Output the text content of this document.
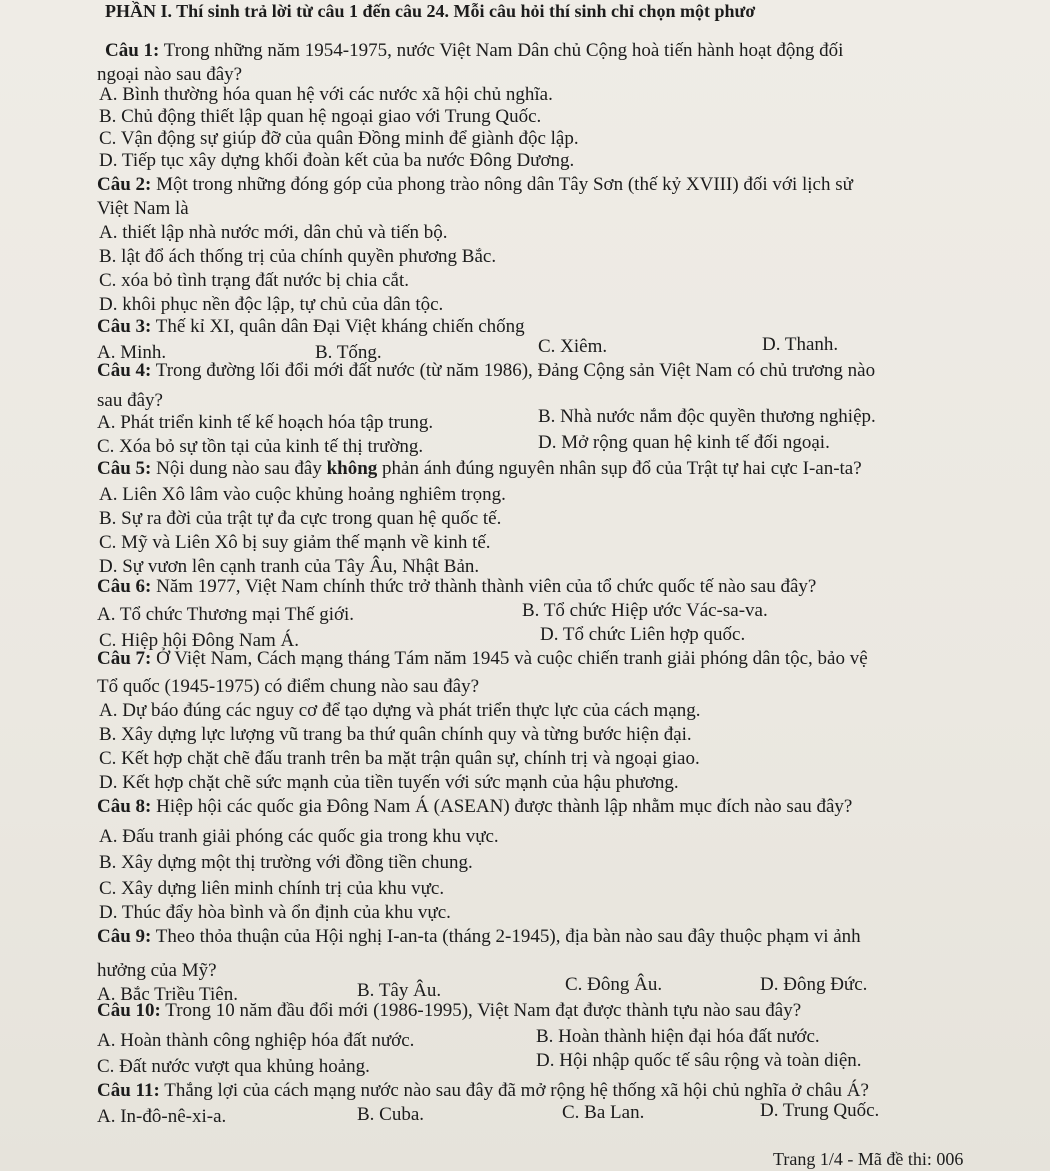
PHẦN I. Thí sinh trả lời từ câu 1 đến câu 24. Mỗi câu hỏi thí sinh chỉ chọn một phươ
Câu 1: Trong những năm 1954-1975, nước Việt Nam Dân chủ Cộng hoà tiến hành hoạt động đối
ngoại nào sau đây?
A. Bình thường hóa quan hệ với các nước xã hội chủ nghĩa.
B. Chủ động thiết lập quan hệ ngoại giao với Trung Quốc.
C. Vận động sự giúp đỡ của quân Đồng minh để giành độc lập.
D. Tiếp tục xây dựng khối đoàn kết của ba nước Đông Dương.
Câu 2: Một trong những đóng góp của phong trào nông dân Tây Sơn (thế kỷ XVIII) đối với lịch sử
Việt Nam là
A. thiết lập nhà nước mới, dân chủ và tiến bộ.
B. lật đổ ách thống trị của chính quyền phương Bắc.
C. xóa bỏ tình trạng đất nước bị chia cắt.
D. khôi phục nền độc lập, tự chủ của dân tộc.
Câu 3: Thế kỉ XI, quân dân Đại Việt kháng chiến chống
A. Minh.	B. Tống.	C. Xiêm.	D. Thanh.
Câu 4: Trong đường lối đổi mới đất nước (từ năm 1986), Đảng Cộng sản Việt Nam có chủ trương nào
sau đây?
A. Phát triển kinh tế kế hoạch hóa tập trung.	B. Nhà nước nắm độc quyền thương nghiệp.
C. Xóa bỏ sự tồn tại của kinh tế thị trường.	D. Mở rộng quan hệ kinh tế đối ngoại.
Câu 5: Nội dung nào sau đây không phản ánh đúng nguyên nhân sụp đổ của Trật tự hai cực I-an-ta?
A. Liên Xô lâm vào cuộc khủng hoảng nghiêm trọng.
B. Sự ra đời của trật tự đa cực trong quan hệ quốc tế.
C. Mỹ và Liên Xô bị suy giảm thế mạnh về kinh tế.
D. Sự vươn lên cạnh tranh của Tây Âu, Nhật Bản.
Câu 6: Năm 1977, Việt Nam chính thức trở thành thành viên của tổ chức quốc tế nào sau đây?
A. Tổ chức Thương mại Thế giới.	B. Tổ chức Hiệp ước Vác-sa-va.
C. Hiệp hội Đông Nam Á.	D. Tổ chức Liên hợp quốc.
Câu 7: Ở Việt Nam, Cách mạng tháng Tám năm 1945 và cuộc chiến tranh giải phóng dân tộc, bảo vệ
Tổ quốc (1945-1975) có điểm chung nào sau đây?
A. Dự báo đúng các nguy cơ để tạo dựng và phát triển thực lực của cách mạng.
B. Xây dựng lực lượng vũ trang ba thứ quân chính quy và từng bước hiện đại.
C. Kết hợp chặt chẽ đấu tranh trên ba mặt trận quân sự, chính trị và ngoại giao.
D. Kết hợp chặt chẽ sức mạnh của tiền tuyến với sức mạnh của hậu phương.
Câu 8: Hiệp hội các quốc gia Đông Nam Á (ASEAN) được thành lập nhằm mục đích nào sau đây?
A. Đấu tranh giải phóng các quốc gia trong khu vực.
B. Xây dựng một thị trường với đồng tiền chung.
C. Xây dựng liên minh chính trị của khu vực.
D. Thúc đẩy hòa bình và ổn định của khu vực.
Câu 9: Theo thỏa thuận của Hội nghị I-an-ta (tháng 2-1945), địa bàn nào sau đây thuộc phạm vi ảnh
hưởng của Mỹ?
A. Bắc Triều Tiên.	B. Tây Âu.	C. Đông Âu.	D. Đông Đức.
Câu 10: Trong 10 năm đầu đổi mới (1986-1995), Việt Nam đạt được thành tựu nào sau đây?
A. Hoàn thành công nghiệp hóa đất nước.	B. Hoàn thành hiện đại hóa đất nước.
C. Đất nước vượt qua khủng hoảng.	D. Hội nhập quốc tế sâu rộng và toàn diện.
Câu 11: Thắng lợi của cách mạng nước nào sau đây đã mở rộng hệ thống xã hội chủ nghĩa ở châu Á?
A. In-đô-nê-xi-a.	B. Cuba.	C. Ba Lan.	D. Trung Quốc.
Trang 1/4 - Mã đề thi: 006
